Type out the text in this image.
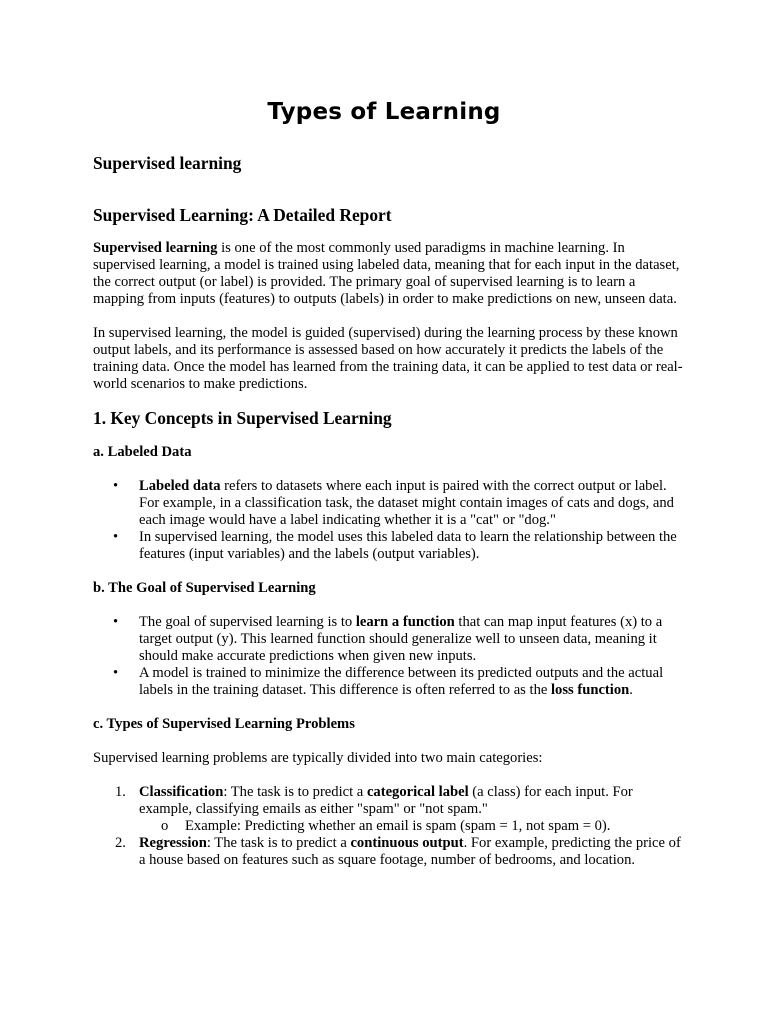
Types of Learning
Supervised learning
Supervised Learning: A Detailed Report

Supervised learning is one of the most commonly used paradigms in machine learning. In supervised learning, a model is trained using labeled data, meaning that for each input in the dataset, the correct output (or label) is provided. The primary goal of supervised learning is to learn a mapping from inputs (features) to outputs (labels) in order to make predictions on new, unseen data.

In supervised learning, the model is guided (supervised) during the learning process by these known output labels, and its performance is assessed based on how accurately it predicts the labels of the training data. Once the model has learned from the training data, it can be applied to test data or real-world scenarios to make predictions.

1. Key Concepts in Supervised Learning
a. Labeled Data
• Labeled data refers to datasets where each input is paired with the correct output or label. For example, in a classification task, the dataset might contain images of cats and dogs, and each image would have a label indicating whether it is a "cat" or "dog."
• In supervised learning, the model uses this labeled data to learn the relationship between the features (input variables) and the labels (output variables).
b. The Goal of Supervised Learning
• The goal of supervised learning is to learn a function that can map input features (x) to a target output (y). This learned function should generalize well to unseen data, meaning it should make accurate predictions when given new inputs.
• A model is trained to minimize the difference between its predicted outputs and the actual labels in the training dataset. This difference is often referred to as the loss function.
c. Types of Supervised Learning Problems

Supervised learning problems are typically divided into two main categories:

1. Classification: The task is to predict a categorical label (a class) for each input. For example, classifying emails as either "spam" or "not spam."
o Example: Predicting whether an email is spam (spam = 1, not spam = 0).
2. Regression: The task is to predict a continuous output. For example, predicting the price of a house based on features such as square footage, number of bedrooms, and location.
